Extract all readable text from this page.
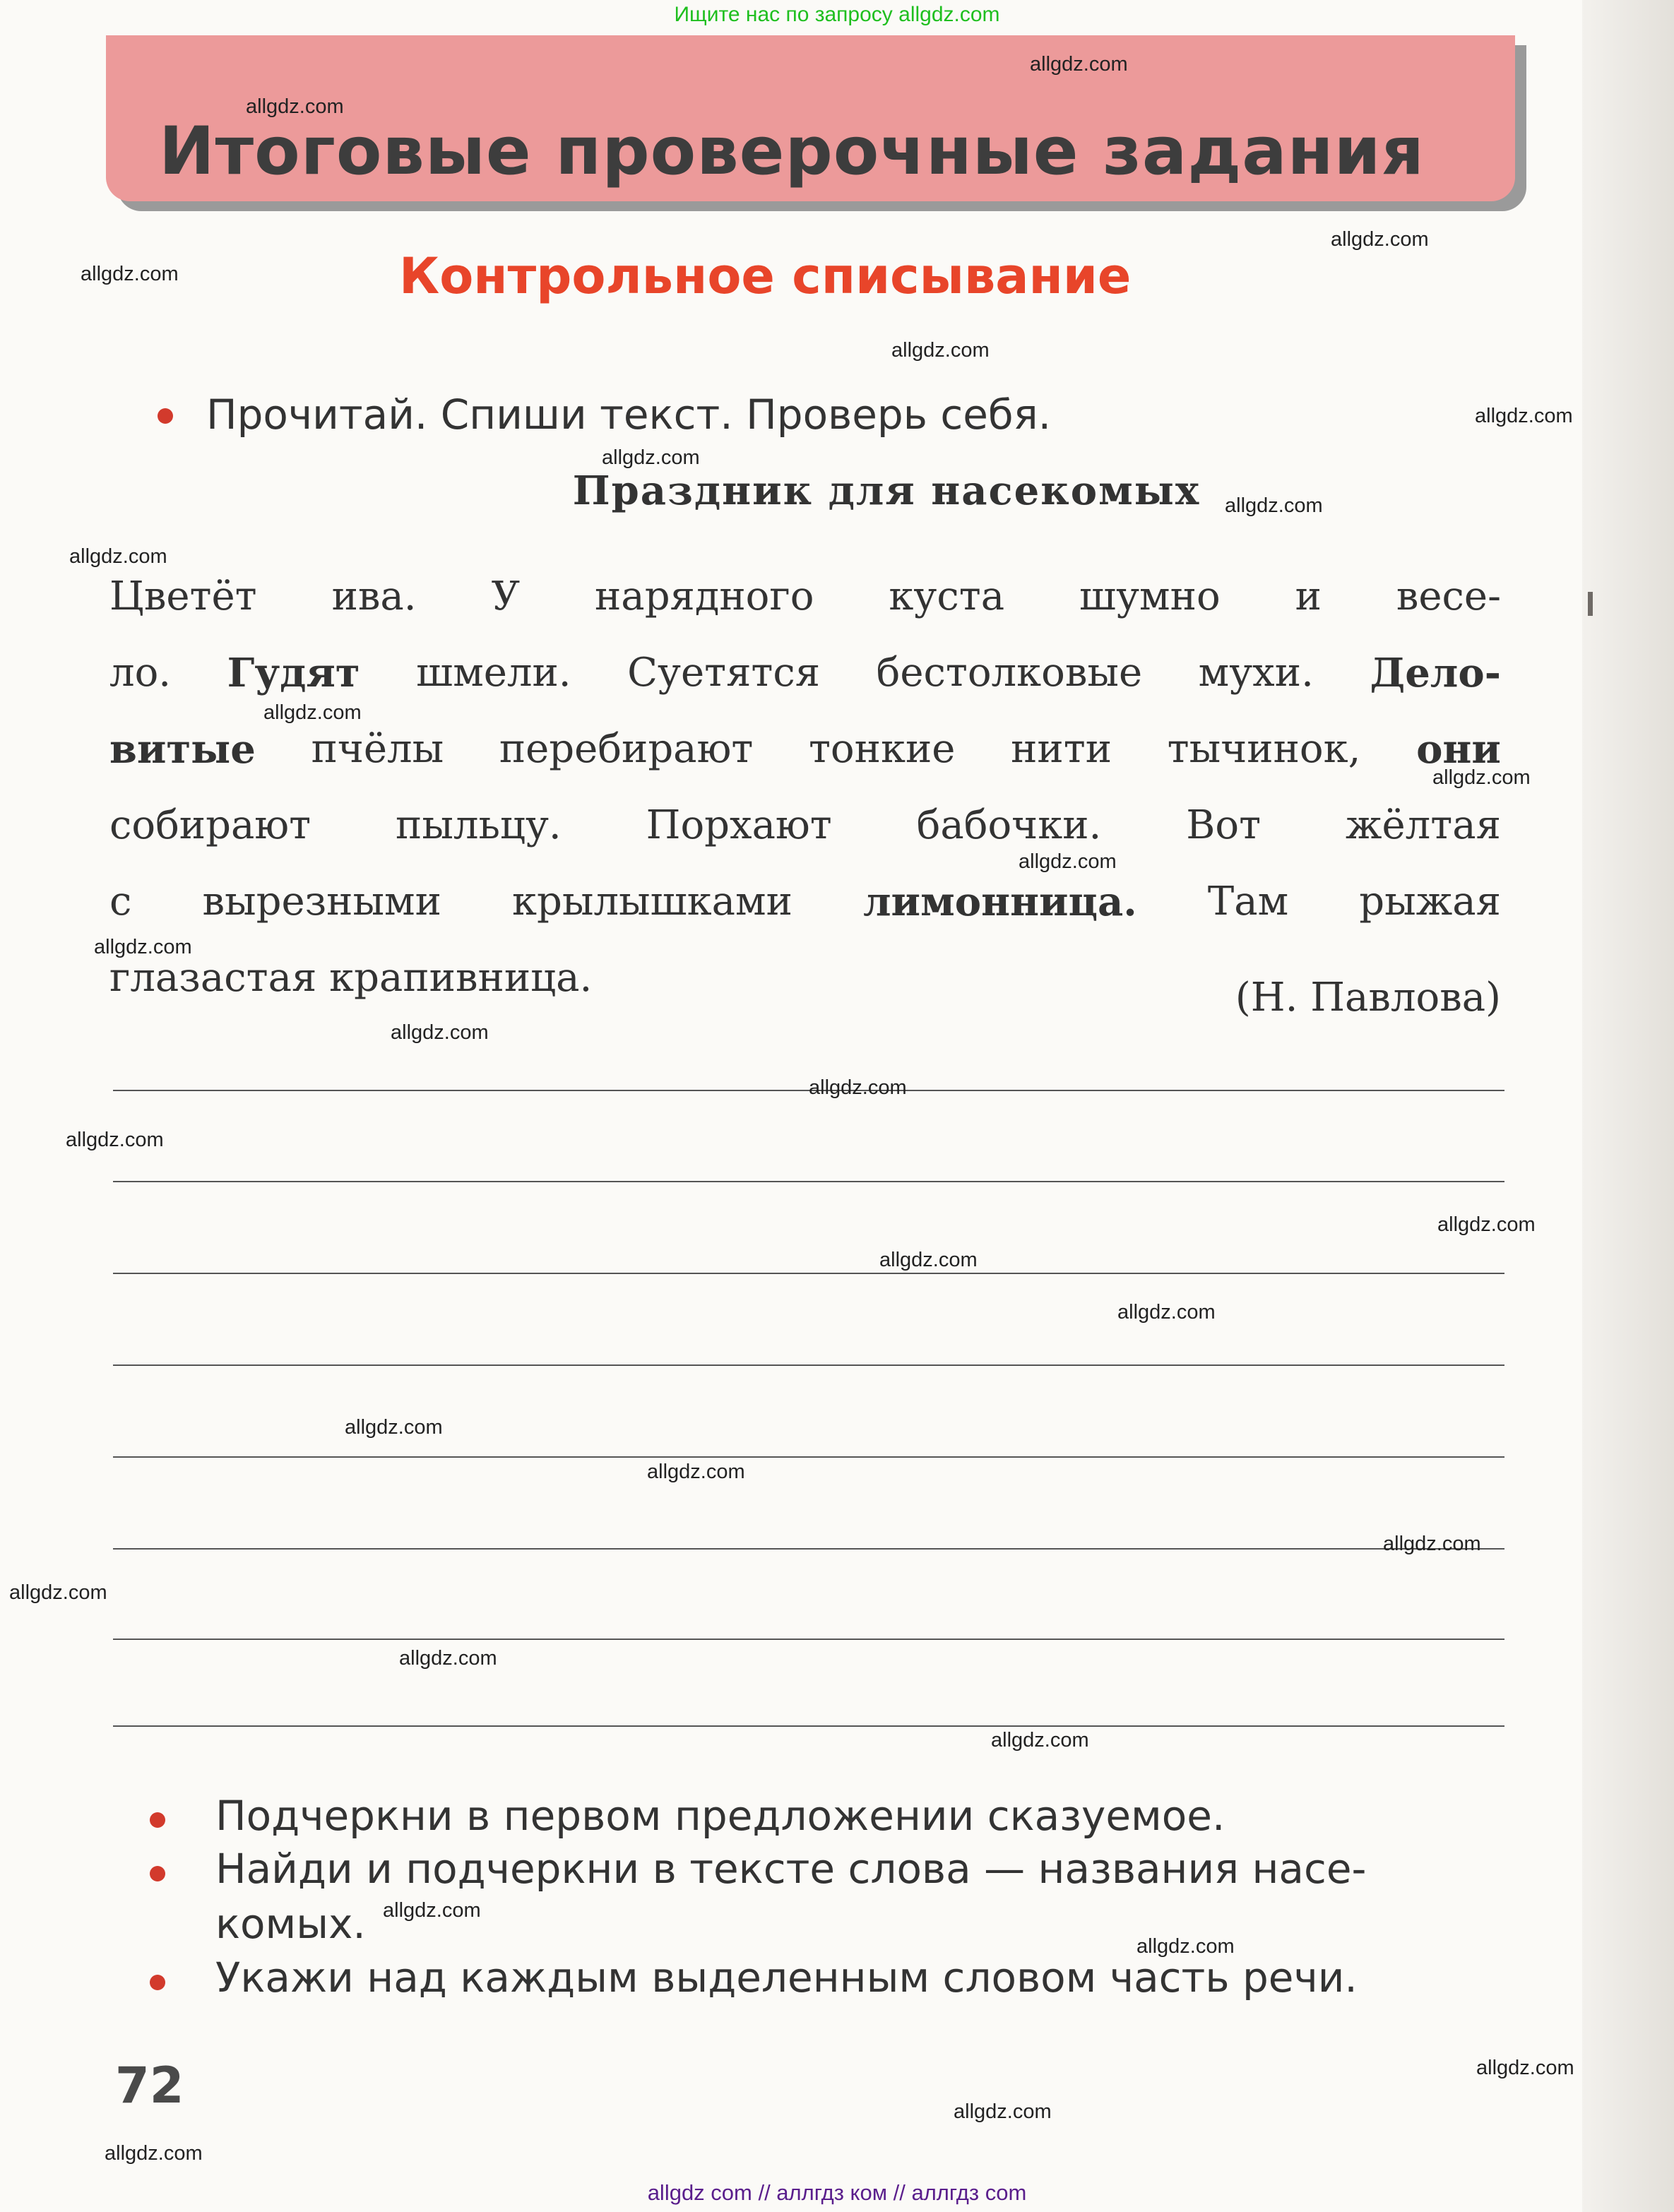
Ищите нас по запросу allgdz.com
Итоговые проверочные задания
Контрольное списывание
Прочитай. Спиши текст. Проверь себя.
Праздник для насекомых
Цветёт ива. У нарядного куста шумно и весе-
ло. Гудят шмели. Суетятся бестолковые мухи. Дело-
витые пчёлы перебирают тонкие нити тычинок, они
собирают пыльцу. Порхают бабочки. Вот жёлтая
с вырезными крылышками лимонница. Там рыжая
глазастая крапивница.	(Н. Павлова)
Подчеркни в первом предложении сказуемое.
Найди и подчеркни в тексте слова — названия насе-
комых.
Укажи над каждым выделенным словом часть речи.
72
allgdz.com
allgdz.com
allgdz.com
allgdz.com
allgdz.com
allgdz.com
allgdz.com
allgdz.com
allgdz.com
allgdz.com
allgdz.com
allgdz.com
allgdz.com
allgdz.com
allgdz.com
allgdz.com
allgdz.com
allgdz.com
allgdz.com
allgdz.com
allgdz.com
allgdz.com
allgdz.com
allgdz.com
allgdz.com
allgdz.com
allgdz.com
allgdz.com
allgdz.com
allgdz.com
allgdz com // аллгдз ком // аллгдз com
